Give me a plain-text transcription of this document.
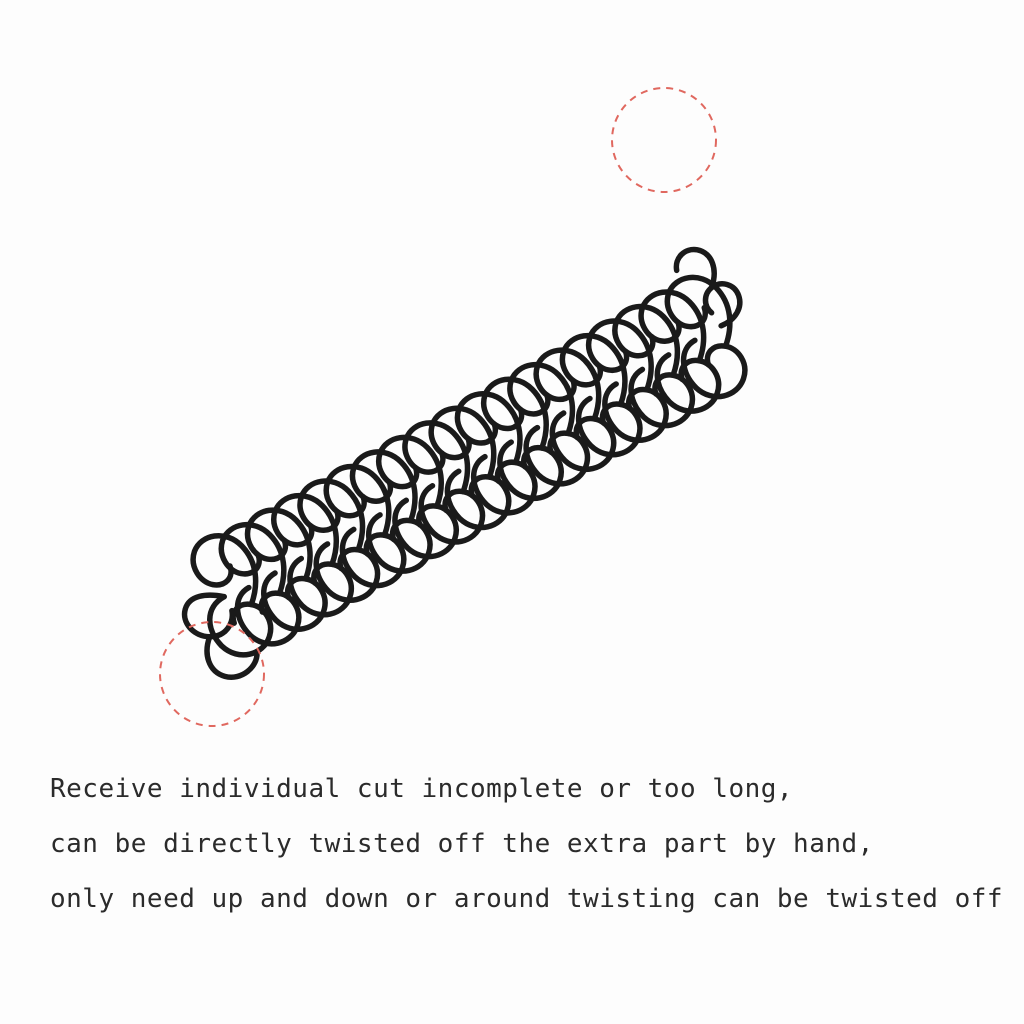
Receive individual cut incomplete or too long,
can be directly twisted off the extra part by hand,
only need up and down or around twisting can be twisted off
